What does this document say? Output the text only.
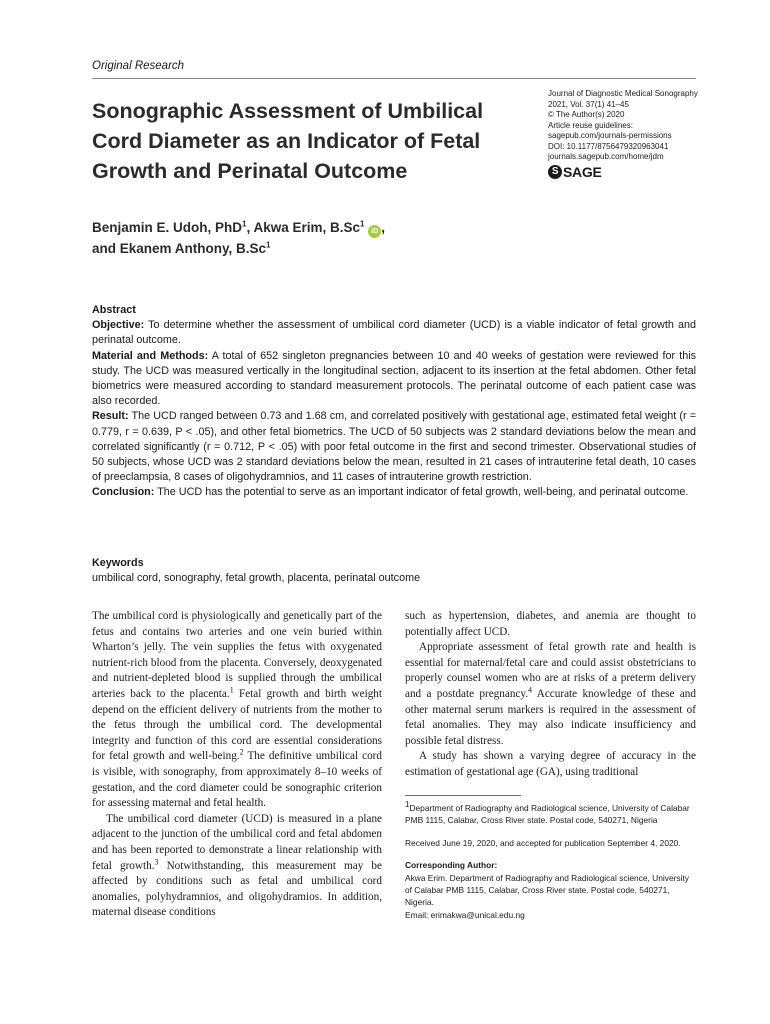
Original Research
Sonographic Assessment of Umbilical Cord Diameter as an Indicator of Fetal Growth and Perinatal Outcome
Journal of Diagnostic Medical Sonography
2021, Vol. 37(1) 41–45
© The Author(s) 2020
Article reuse guidelines:
sagepub.com/journals-permissions
DOI: 10.1177/8756479320963041
journals.sagepub.com/home/jdm
S SAGE
Benjamin E. Udoh, PhD$^1$, Akwa Erim, B.Sc$^1$ iD ,
and Ekanem Anthony, B.Sc$^1$

Abstract

Objective: To determine whether the assessment of umbilical cord diameter (UCD) is a viable indicator of fetal growth and perinatal outcome.

Material and Methods: A total of 652 singleton pregnancies between 10 and 40 weeks of gestation were reviewed for this study. The UCD was measured vertically in the longitudinal section, adjacent to its insertion at the fetal abdomen. Other fetal biometrics were measured according to standard measurement protocols. The perinatal outcome of each patient case was also recorded.

Result: The UCD ranged between 0.73 and 1.68 cm, and correlated positively with gestational age, estimated fetal weight (r = 0.779, r = 0.639, P < .05), and other fetal biometrics. The UCD of 50 subjects was 2 standard deviations below the mean and correlated significantly (r = 0.712, P < .05) with poor fetal outcome in the first and second trimester. Observational studies of 50 subjects, whose UCD was 2 standard deviations below the mean, resulted in 21 cases of intrauterine fetal death, 10 cases of preeclampsia, 8 cases of oligohydramnios, and 11 cases of intrauterine growth restriction.

Conclusion: The UCD has the potential to serve as an important indicator of fetal growth, well-being, and perinatal outcome.

Keywords
umbilical cord, sonography, fetal growth, placenta, perinatal outcome

The umbilical cord is physiologically and genetically part of the fetus and contains two arteries and one vein buried within Wharton’s jelly. The vein supplies the fetus with oxygenated nutrient-rich blood from the placenta. Conversely, deoxygenated and nutrient-depleted blood is supplied through the umbilical arteries back to the placenta.$^1$ Fetal growth and birth weight depend on the efficient delivery of nutrients from the mother to the fetus through the umbilical cord. The developmental integrity and function of this cord are essential considerations for fetal growth and well-being.$^2$ The definitive umbilical cord is visible, with sonography, from approximately 8–10 weeks of gestation, and the cord diameter could be sonographic criterion for assessing maternal and fetal health.

The umbilical cord diameter (UCD) is measured in a plane adjacent to the junction of the umbilical cord and fetal abdomen and has been reported to demonstrate a linear relationship with fetal growth.$^3$ Notwithstanding, this measurement may be affected by conditions such as fetal and umbilical cord anomalies, polyhydramnios, and oligohydramios. In addition, maternal disease conditions

such as hypertension, diabetes, and anemia are thought to potentially affect UCD.

Appropriate assessment of fetal growth rate and health is essential for maternal/fetal care and could assist obstetricians to properly counsel women who are at risks of a preterm delivery and a postdate pregnancy.$^4$ Accurate knowledge of these and other maternal serum markers is required in the assessment of fetal anomalies. They may also indicate insufficiency and possible fetal distress.

A study has shown a varying degree of accuracy in the estimation of gestational age (GA), using traditional

$^1$Department of Radiography and Radiological science, University of Calabar PMB 1115, Calabar, Cross River state. Postal code, 540271, Nigeria
Received June 19, 2020, and accepted for publication September 4, 2020.
Corresponding Author:
Akwa Erim. Department of Radiography and Radiological science, University of Calabar PMB 1115, Calabar, Cross River state. Postal code, 540271, Nigeria.
Email: erimakwa@unical.edu.ng
